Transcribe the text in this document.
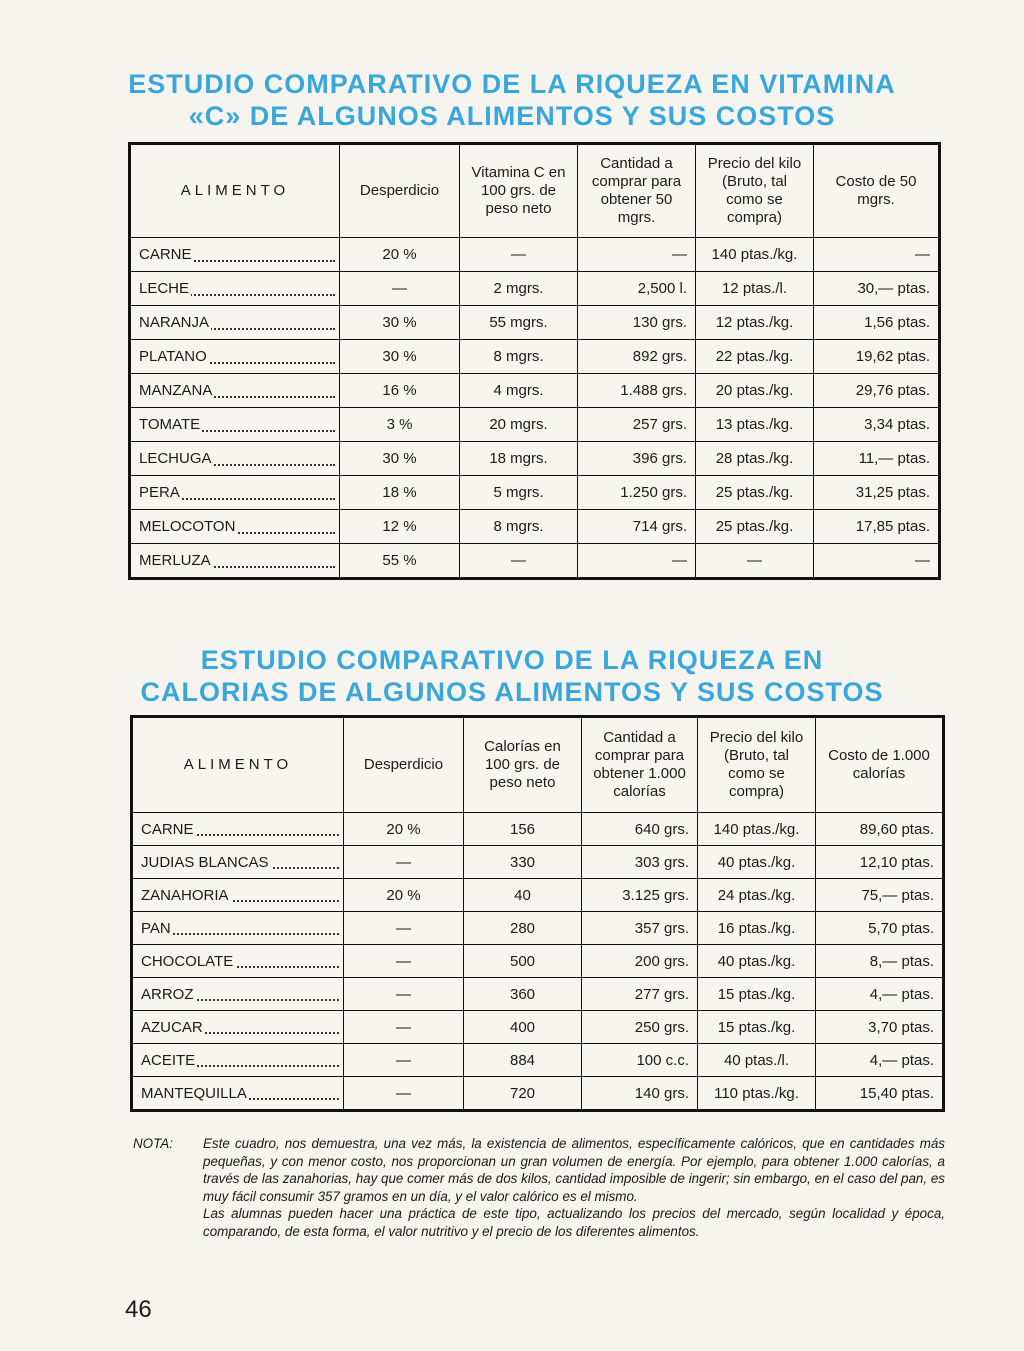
ESTUDIO COMPARATIVO DE LA RIQUEZA EN VITAMINA
«C» DE ALGUNOS ALIMENTOS Y SUS COSTOS
ALIMENTO	Desperdicio	Vitamina C en 100 grs. de peso neto	Cantidad a comprar para obtener 50 mgrs.	Precio del kilo (Bruto, tal como se compra)	Costo de 50 mgrs.

CARNE	20 %	—	—	140 ptas./kg.	—

LECHE	—	2 mgrs.	2,500 l.	12 ptas./l.	30,— ptas.

NARANJA	30 %	55 mgrs.	130 grs.	12 ptas./kg.	1,56 ptas.

PLATANO	30 %	8 mgrs.	892 grs.	22 ptas./kg.	19,62 ptas.

MANZANA	16 %	4 mgrs.	1.488 grs.	20 ptas./kg.	29,76 ptas.

TOMATE	3 %	20 mgrs.	257 grs.	13 ptas./kg.	3,34 ptas.

LECHUGA	30 %	18 mgrs.	396 grs.	28 ptas./kg.	11,— ptas.

PERA	18 %	5 mgrs.	1.250 grs.	25 ptas./kg.	31,25 ptas.

MELOCOTON	12 %	8 mgrs.	714 grs.	25 ptas./kg.	17,85 ptas.

MERLUZA	55 %	—	—	—	—
ESTUDIO COMPARATIVO DE LA RIQUEZA EN
CALORIAS DE ALGUNOS ALIMENTOS Y SUS COSTOS
ALIMENTO	Desperdicio	Calorías en 100 grs. de peso neto	Cantidad a comprar para obtener 1.000 calorías	Precio del kilo (Bruto, tal como se compra)	Costo de 1.000 calorías

CARNE	20 %	156	640 grs.	140 ptas./kg.	89,60 ptas.

JUDIAS BLANCAS	—	330	303 grs.	40 ptas./kg.	12,10 ptas.

ZANAHORIA	20 %	40	3.125 grs.	24 ptas./kg.	75,— ptas.

PAN	—	280	357 grs.	16 ptas./kg.	5,70 ptas.

CHOCOLATE	—	500	200 grs.	40 ptas./kg.	8,— ptas.

ARROZ	—	360	277 grs.	15 ptas./kg.	4,— ptas.

AZUCAR	—	400	250 grs.	15 ptas./kg.	3,70 ptas.

ACEITE	—	884	100 c.c.	40 ptas./l.	4,— ptas.

MANTEQUILLA	—	720	140 grs.	110 ptas./kg.	15,40 ptas.
NOTA: Este cuadro, nos demuestra, una vez más, la existencia de alimentos, específicamente calóricos, que en cantidades más pequeñas, y con menor costo, nos proporcionan un gran volumen de energía. Por ejemplo, para obtener 1.000 calorías, a través de las zanahorias, hay que comer más de dos kilos, cantidad imposible de ingerir; sin embargo, en el caso del pan, es muy fácil consumir 357 gramos en un día, y el valor calórico es el mismo.

Las alumnas pueden hacer una práctica de este tipo, actualizando los precios del mercado, según localidad y época, comparando, de esta forma, el valor nutritivo y el precio de los diferentes alimentos.

46
